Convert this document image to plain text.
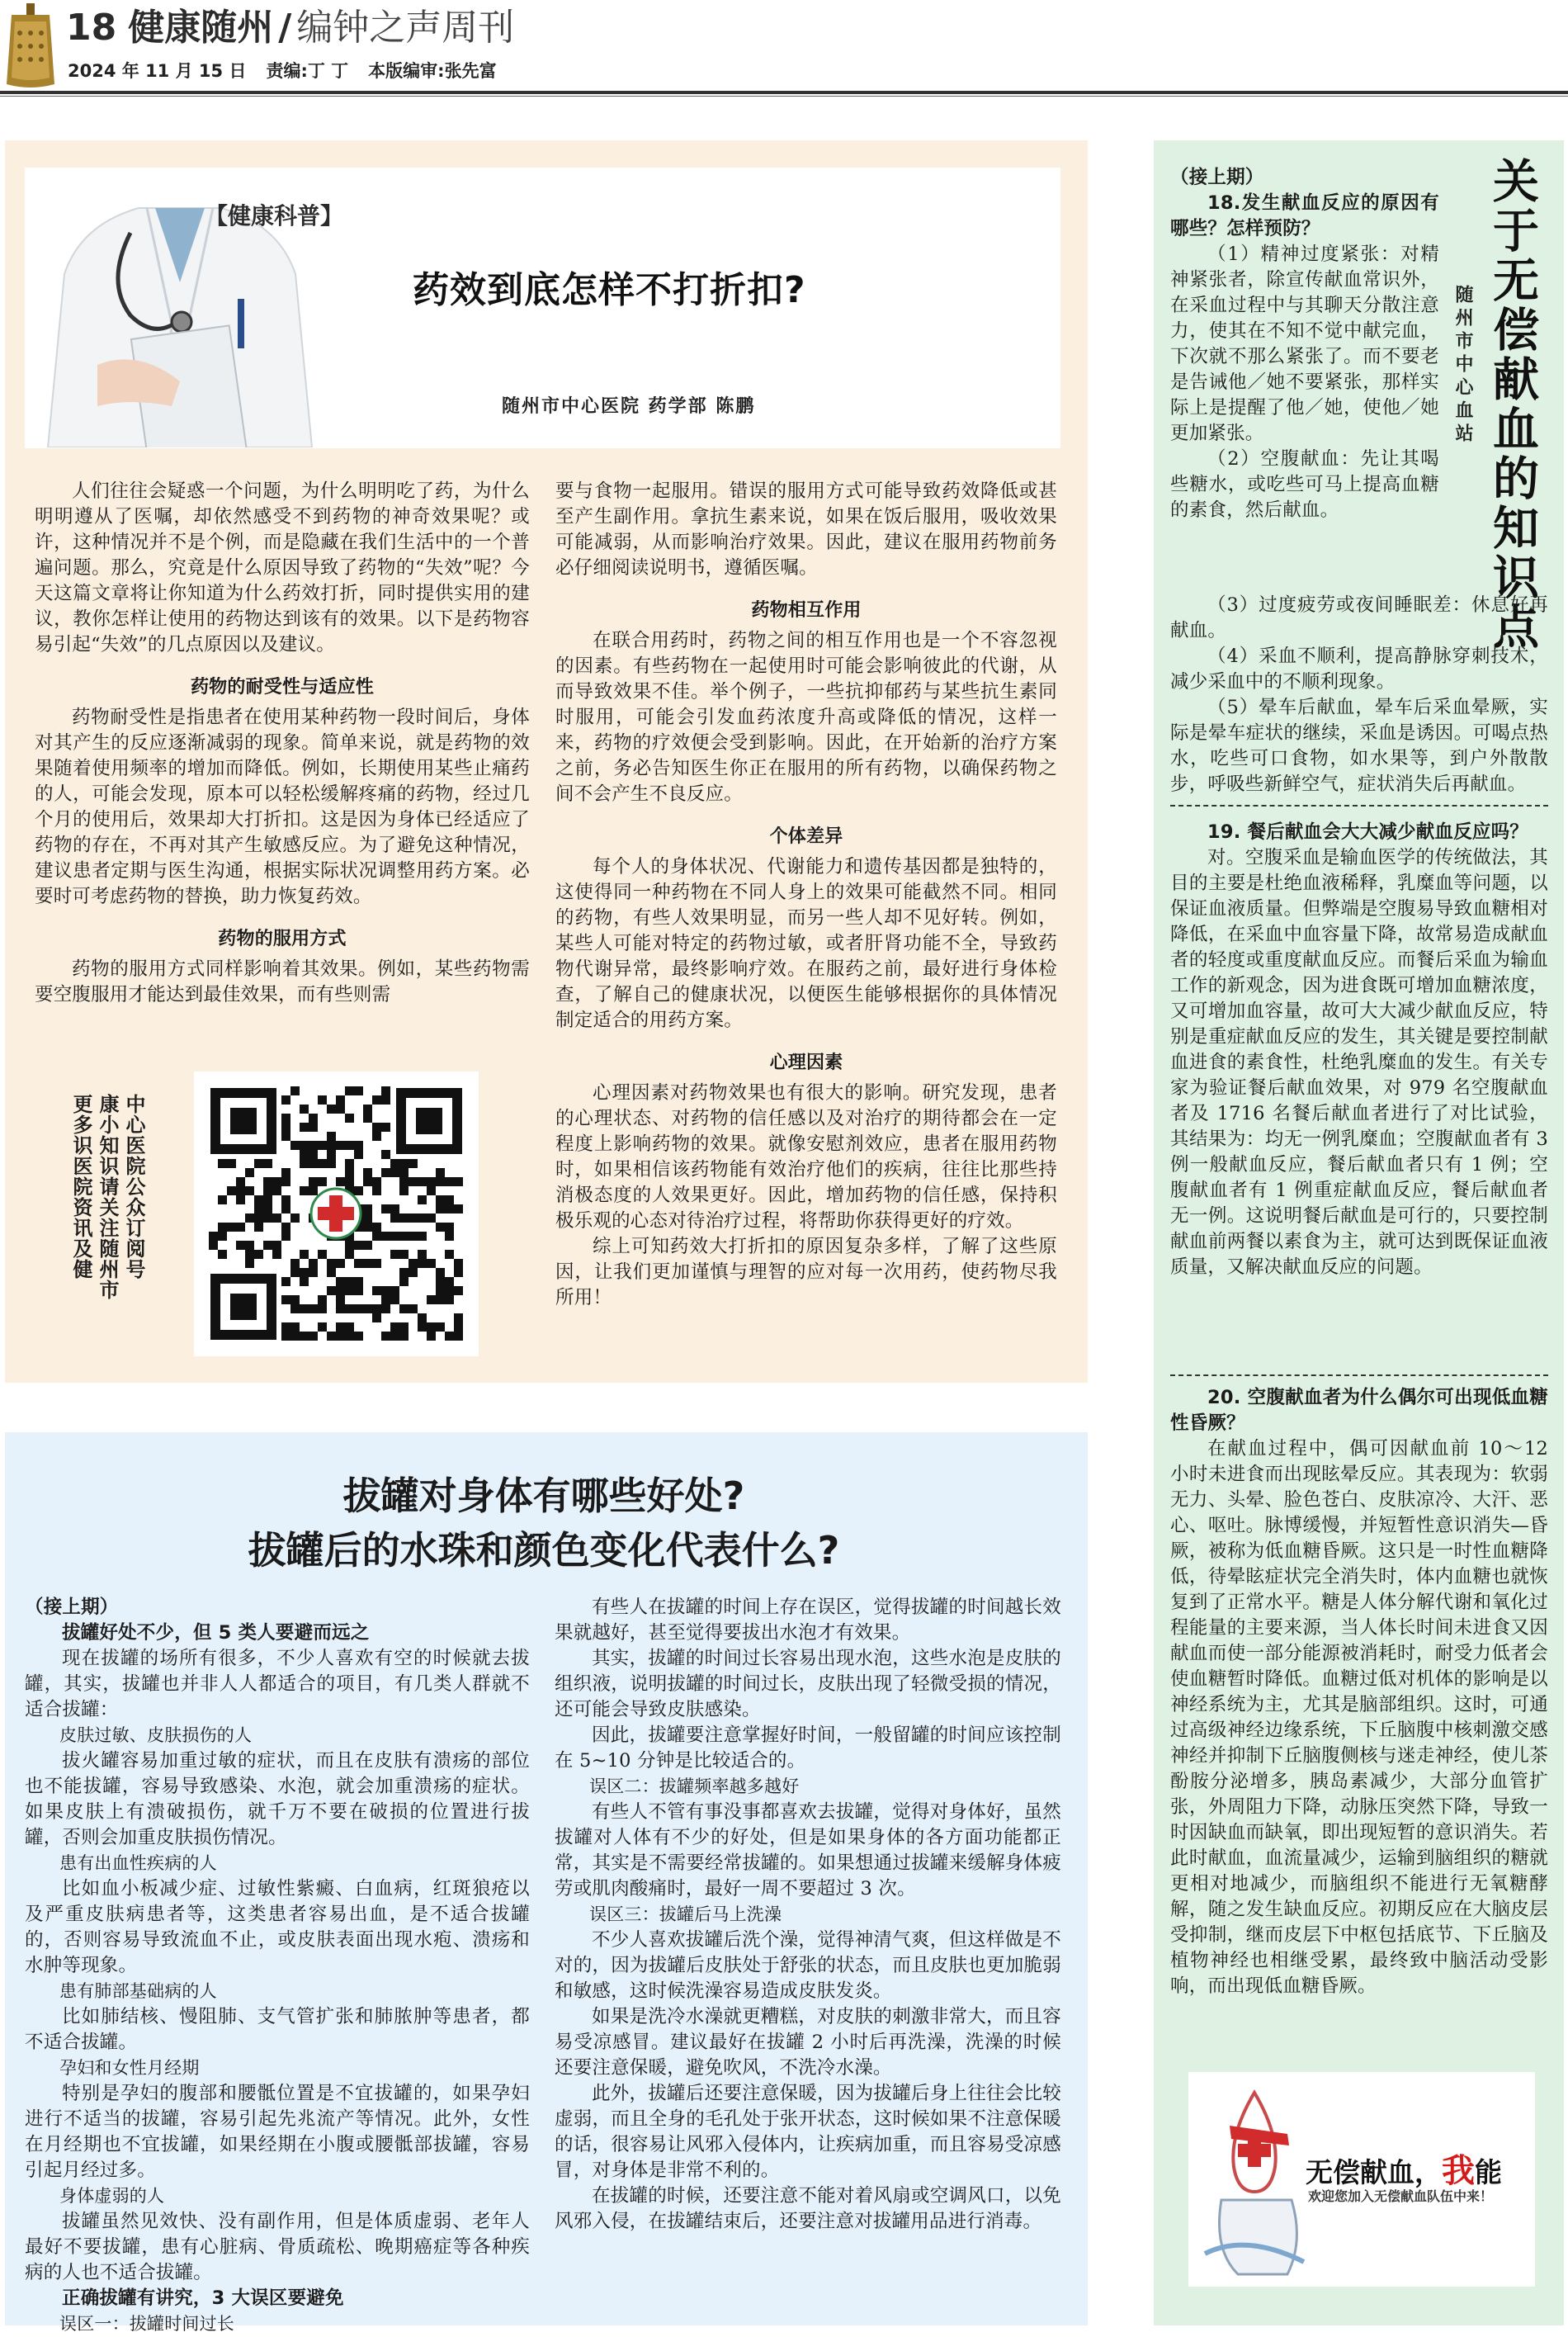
18 健康随州 / 编钟之声周刊
2024 年 11 月 15 日 责编:丁 丁 本版编审:张先富
【健康科普】
药效到底怎样不打折扣?
随州市中心医院 药学部 陈鹏

人们往往会疑惑一个问题，为什么明明吃了药，为什么明明遵从了医嘱，却依然感受不到药物的神奇效果呢？或许，这种情况并不是个例，而是隐藏在我们生活中的一个普遍问题。那么，究竟是什么原因导致了药物的“失效”呢？今天这篇文章将让你知道为什么药效打折，同时提供实用的建议，教你怎样让使用的药物达到该有的效果。以下是药物容易引起“失效”的几点原因以及建议。

药物的耐受性与适应性

药物耐受性是指患者在使用某种药物一段时间后，身体对其产生的反应逐渐减弱的现象。简单来说，就是药物的效果随着使用频率的增加而降低。例如，长期使用某些止痛药的人，可能会发现，原本可以轻松缓解疼痛的药物，经过几个月的使用后，效果却大打折扣。这是因为身体已经适应了药物的存在，不再对其产生敏感反应。为了避免这种情况，建议患者定期与医生沟通，根据实际状况调整用药方案。必要时可考虑药物的替换，助力恢复药效。

药物的服用方式

药物的服用方式同样影响着其效果。例如，某些药物需要空腹服用才能达到最佳效果，而有些则需

要与食物一起服用。错误的服用方式可能导致药效降低或甚至产生副作用。拿抗生素来说，如果在饭后服用，吸收效果可能减弱，从而影响治疗效果。因此，建议在服用药物前务必仔细阅读说明书，遵循医嘱。

药物相互作用

在联合用药时，药物之间的相互作用也是一个不容忽视的因素。有些药物在一起使用时可能会影响彼此的代谢，从而导致效果不佳。举个例子，一些抗抑郁药与某些抗生素同时服用，可能会引发血药浓度升高或降低的情况，这样一来，药物的疗效便会受到影响。因此，在开始新的治疗方案之前，务必告知医生你正在服用的所有药物，以确保药物之间不会产生不良反应。

个体差异

每个人的身体状况、代谢能力和遗传基因都是独特的，这使得同一种药物在不同人身上的效果可能截然不同。相同的药物，有些人效果明显，而另一些人却不见好转。例如，某些人可能对特定的药物过敏，或者肝肾功能不全，导致药物代谢异常，最终影响疗效。在服药之前，最好进行身体检查，了解自己的健康状况，以便医生能够根据你的具体情况制定适合的用药方案。

心理因素

心理因素对药物效果也有很大的影响。研究发现，患者的心理状态、对药物的信任感以及对治疗的期待都会在一定程度上影响药物的效果。就像安慰剂效应，患者在服用药物时，如果相信该药物能有效治疗他们的疾病，往往比那些持消极态度的人效果更好。因此，增加药物的信任感，保持积极乐观的心态对待治疗过程，将帮助你获得更好的疗效。

综上可知药效大打折扣的原因复杂多样，了解了这些原因，让我们更加谨慎与理智的应对每一次用药，使药物尽我所用！

中心医院公众订阅号
康小知识请关注随州市
更多识医院资讯及健
拔罐对身体有哪些好处?
拔罐后的水珠和颜色变化代表什么?

（接上期）

拔罐好处不少，但 5 类人要避而远之

现在拔罐的场所有很多，不少人喜欢有空的时候就去拔罐，其实，拔罐也并非人人都适合的项目，有几类人群就不适合拔罐：

皮肤过敏、皮肤损伤的人

拔火罐容易加重过敏的症状，而且在皮肤有溃疡的部位也不能拔罐，容易导致感染、水泡，就会加重溃疡的症状。如果皮肤上有溃破损伤，就千万不要在破损的位置进行拔罐，否则会加重皮肤损伤情况。

患有出血性疾病的人

比如血小板减少症、过敏性紫癜、白血病，红斑狼疮以及严重皮肤病患者等，这类患者容易出血，是不适合拔罐的，否则容易导致流血不止，或皮肤表面出现水疱、溃疡和水肿等现象。

患有肺部基础病的人

比如肺结核、慢阻肺、支气管扩张和肺脓肿等患者，都不适合拔罐。

孕妇和女性月经期

特别是孕妇的腹部和腰骶位置是不宜拔罐的，如果孕妇进行不适当的拔罐，容易引起先兆流产等情况。此外，女性在月经期也不宜拔罐，如果经期在小腹或腰骶部拔罐，容易引起月经过多。

身体虚弱的人

拔罐虽然见效快、没有副作用，但是体质虚弱、老年人最好不要拔罐，患有心脏病、骨质疏松、晚期癌症等各种疾病的人也不适合拔罐。

正确拔罐有讲究，3 大误区要避免

误区一：拔罐时间过长

有些人在拔罐的时间上存在误区，觉得拔罐的时间越长效果就越好，甚至觉得要拔出水泡才有效果。

其实，拔罐的时间过长容易出现水泡，这些水泡是皮肤的组织液，说明拔罐的时间过长，皮肤出现了轻微受损的情况，还可能会导致皮肤感染。

因此，拔罐要注意掌握好时间，一般留罐的时间应该控制在 5~10 分钟是比较适合的。

误区二：拔罐频率越多越好

有些人不管有事没事都喜欢去拔罐，觉得对身体好，虽然拔罐对人体有不少的好处，但是如果身体的各方面功能都正常，其实是不需要经常拔罐的。如果想通过拔罐来缓解身体疲劳或肌肉酸痛时，最好一周不要超过 3 次。

误区三：拔罐后马上洗澡

不少人喜欢拔罐后洗个澡，觉得神清气爽，但这样做是不对的，因为拔罐后皮肤处于舒张的状态，而且皮肤也更加脆弱和敏感，这时候洗澡容易造成皮肤发炎。

如果是洗冷水澡就更糟糕，对皮肤的刺激非常大，而且容易受凉感冒。建议最好在拔罐 2 小时后再洗澡，洗澡的时候还要注意保暖，避免吹风，不洗冷水澡。

此外，拔罐后还要注意保暖，因为拔罐后身上往往会比较虚弱，而且全身的毛孔处于张开状态，这时候如果不注意保暖的话，很容易让风邪入侵体内，让疾病加重，而且容易受凉感冒，对身体是非常不利的。

在拔罐的时候，还要注意不能对着风扇或空调风口，以免风邪入侵，在拔罐结束后，还要注意对拔罐用品进行消毒。

关于无偿献血的知识点
随州市中心血站

（接上期）

18.发生献血反应的原因有哪些？怎样预防？

（1）精神过度紧张：对精神紧张者，除宣传献血常识外，在采血过程中与其聊天分散注意力，使其在不知不觉中献完血，下次就不那么紧张了。而不要老是告诫他／她不要紧张，那样实际上是提醒了他／她，使他／她更加紧张。

（2）空腹献血：先让其喝些糖水，或吃些可马上提高血糖的素食，然后献血。

（3）过度疲劳或夜间睡眠差：休息好再献血。

（4）采血不顺利，提高静脉穿刺技术，减少采血中的不顺利现象。

（5）晕车后献血，晕车后采血晕厥，实际是晕车症状的继续，采血是诱因。可喝点热水，吃些可口食物，如水果等，到户外散散步，呼吸些新鲜空气，症状消失后再献血。

19. 餐后献血会大大减少献血反应吗？

对。空腹采血是输血医学的传统做法，其目的主要是杜绝血液稀释，乳糜血等问题，以保证血液质量。但弊端是空腹易导致血糖相对降低，在采血中血容量下降，故常易造成献血者的轻度或重度献血反应。而餐后采血为输血工作的新观念，因为进食既可增加血糖浓度，又可增加血容量，故可大大减少献血反应，特别是重症献血反应的发生，其关键是要控制献血进食的素食性，杜绝乳糜血的发生。有关专家为验证餐后献血效果，对 979 名空腹献血者及 1716 名餐后献血者进行了对比试验，其结果为：均无一例乳糜血；空腹献血者有 3 例一般献血反应，餐后献血者只有 1 例；空腹献血者有 1 例重症献血反应，餐后献血者无一例。这说明餐后献血是可行的，只要控制献血前两餐以素食为主，就可达到既保证血液质量，又解决献血反应的问题。

20. 空腹献血者为什么偶尔可出现低血糖性昏厥？

在献血过程中，偶可因献血前 10～12 小时未进食而出现眩晕反应。其表现为：软弱无力、头晕、脸色苍白、皮肤凉冷、大汗、恶心、呕吐。脉博缓慢，并短暂性意识消失—昏厥，被称为低血糖昏厥。这只是一时性血糖降低，待晕眩症状完全消失时，体内血糖也就恢复到了正常水平。糖是人体分解代谢和氧化过程能量的主要来源，当人体长时间未进食又因献血而使一部分能源被消耗时，耐受力低者会使血糖暂时降低。血糖过低对机体的影响是以神经系统为主，尤其是脑部组织。这时，可通过高级神经边缘系统，下丘脑腹中核刺激交感神经并抑制下丘脑腹侧核与迷走神经，使儿茶酚胺分泌增多，胰岛素减少，大部分血管扩张，外周阻力下降，动脉压突然下降，导致一时因缺血而缺氧，即出现短暂的意识消失。若此时献血，血流量减少，运输到脑组织的糖就更相对地减少，而脑组织不能进行无氧糖酵解，随之发生缺血反应。初期反应在大脑皮层受抑制，继而皮层下中枢包括底节、下丘脑及植物神经也相继受累，最终致中脑活动受影响，而出现低血糖昏厥。

无偿献血，我能
欢迎您加入无偿献血队伍中来！
